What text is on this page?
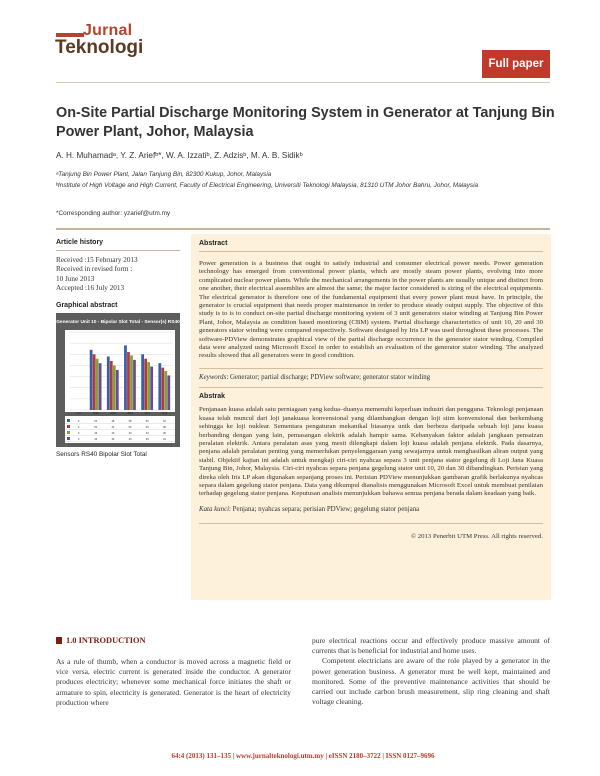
Jurnal
Teknologi
Full paper
On-Site Partial Discharge Monitoring System in Generator at Tanjung Bin Power Plant, Johor, Malaysia
A. H. Muhamadᵃ, Y. Z. Ariefᵇ*, W. A. Izzatiᵇ, Z. Adzisᵇ, M. A. B. Sidikᵇ
ᵃTanjung Bin Power Plant, Jalan Tanjung Bin, 82300 Kukup, Johor, Malaysia
ᵇInstitute of High Voltage and High Current, Faculty of Electrical Engineering, Universiti Teknologi Malaysia, 81310 UTM Johor Bahru, Johor, Malaysia
*Corresponding author: yzarief@utm.my
Article history
Received :15 February 2013
Received in revised form :
10 June 2013
Accepted :16 July 2013
Graphical abstract
Generator Unit 10 - Bipolar Slot Total - Sensor(s) RS40
Unit	2008	2009	2010	2011	2012
0	54	48	58	50	42
0	50	44	52	46	38
0	46	40	49	43	35
0	42	36	45	39	31
Sensors RS40 Bipolar Slot Total
Abstract
Power generation is a business that ought to satisfy industrial and consumer electrical power needs. Power generation technology has emerged from conventional power plants, which are mostly steam power plants, evolving into more complicated nuclear power plants. While the mechanical arrangements in the power plants are usually unique and distinct from one another, their electrical assemblies are almost the same; the major factor considered is sizing of the electrical equipments. The electrical generator is therefore one of the fundamental equipment that every power plant must have. In principle, the generator is crucial equipment that needs proper maintenance in order to produce steady output supply. The objective of this study is to is to conduct on-site partial discharge monitoring system of 3 unit generators stator winding at Tanjung Bin Power Plant, Johor, Malaysia as condition based monitoring (CBM) system. Partial discharge characteristics of unit 10, 20 and 30 generators stator winding were compared respectively. Software designed by Iris LP was used throughout these processes. The software-PDView demonstrates graphical view of the partial discharge occurrence in the generator stator winding. Compiled data were analyzed using Microsoft Excel in order to establish an evaluation of the generator stator winding. The analyzed results showed that all generators were in good condition.
Keywords: Generator; partial discharge; PDView software; generator stator winding
Abstrak
Penjanaan kuasa adalah satu perniagaan yang kedua–duanya memenuhi keperluan industri dan pengguna. Teknologi penjanaan kuasa telah muncul dari loji janakuasa konvensional yang dilambangkan dengan loji stim konvensional dan berkembang sehingga ke loji nuklear. Sementara pengaturan mekanikal biasanya unik dan berbeza daripada sebuah loji jana kuasa berbanding dengan yang lain, pemasangan elektrik adalah hampir sama. Kebanyakan faktor adalah jangkaan pensaizan peralatan elektrik. Antara peralatan asas yang mesti dilengkapi dalam loji kuasa adalah penjana elektrik. Pada dasarnya, penjana adalah peralatan penting yang memerlukan penyelenggaraan yang sewajarnya untuk menghasilkan aliran output yang stabil. Objektif kajian ini adalah untuk mengkaji ciri-ciri nyahcas separa 3 unit penjana stator gegelung di Loji Jana Kuasa Tanjung Bin, Johor, Malaysia. Ciri-ciri nyahcas separa penjana gegelung stator unit 10, 20 dan 30 dibandingkan. Perisian yang direka oleh Iris LP akan digunakan sepanjang proses ini. Perisian PDView menunjukkan gambaran grafik berlakunya nyahcas separa dalam gegelung stator penjana. Data yang dikumpul dianalisis menggunakan Microsoft Excel untuk membuat penilaian terhadap gegelung stator penjana. Keputusan analisis menunjukkan bahawa semua penjana berada dalam keadaan yang baik.
Kata kunci: Penjana; nyahcas separa; perisian PDView; gegelung stator penjana
© 2013 Penerbit UTM Press. All rights reserved.
1.0 INTRODUCTION
As a rule of thumb, when a conductor is moved across a magnetic field or vice versa, electric current is generated inside the conductor. A generator produces electricity; whenever some mechanical force initiates the shaft or armature to spin, electricity is generated. Generator is the heart of electricity production where
pure electrical reactions occur and effectively produce massive amount of currents that is beneficial for industrial and home uses.
Competent electricians are aware of the role played by a generator in the power generation business. A generator must be well kept, maintained and monitored. Some of the preventive maintenance activities that should be carried out include carbon brush measurement, slip ring cleaning and shaft voltage cleaning.
64:4 (2013) 131–135 | www.jurnalteknologi.utm.my | eISSN 2180–3722 | ISSN 0127–9696
